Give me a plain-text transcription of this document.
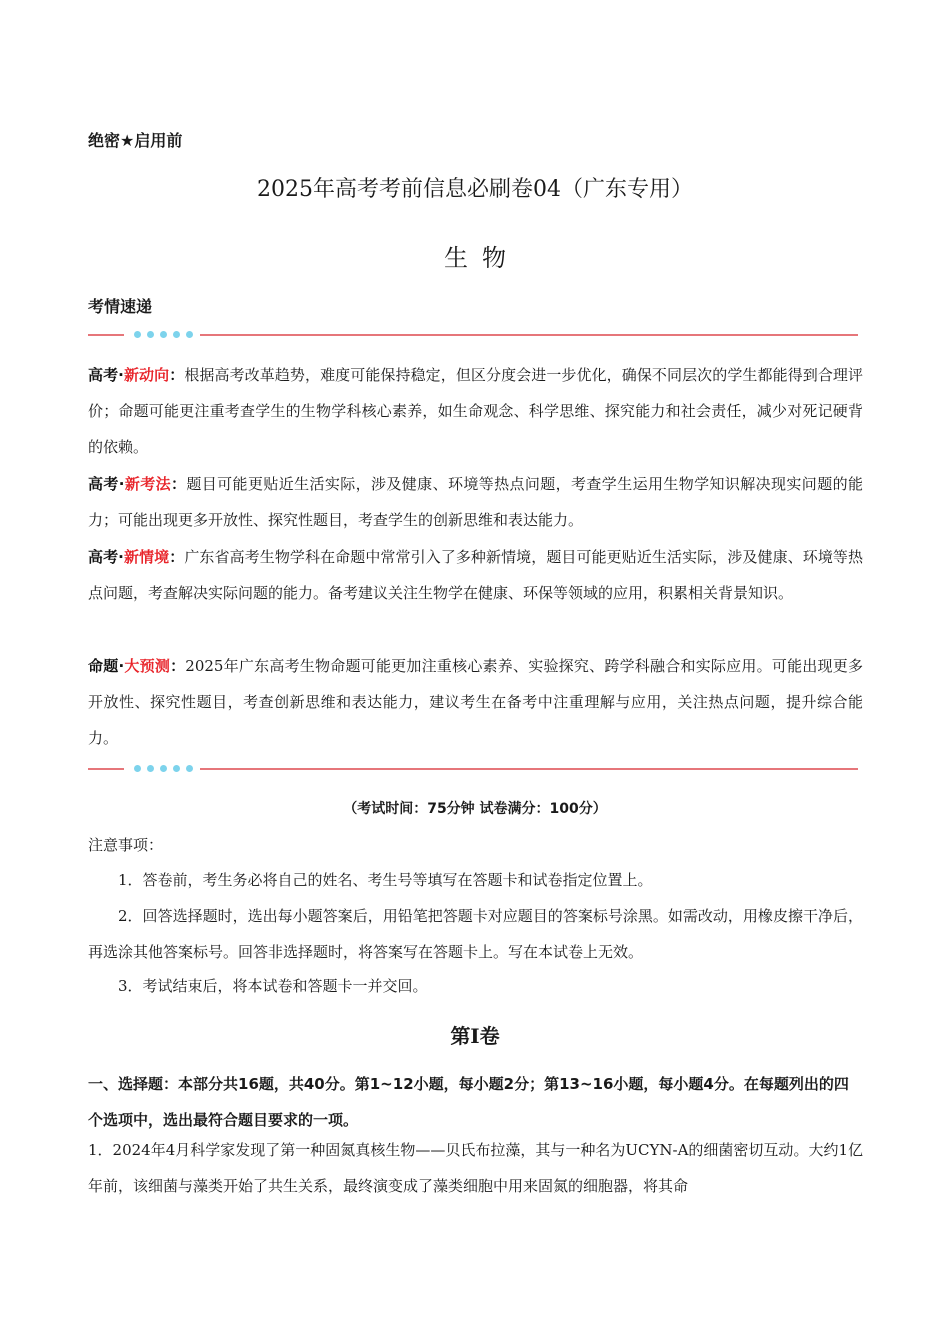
绝密★启用前
2025年高考考前信息必刷卷04（广东专用）
生物
考情速递
高考·新动向：根据高考改革趋势，难度可能保持稳定，但区分度会进一步优化，确保不同层次的学生都能得到合理评价；命题可能更注重考查学生的生物学科核心素养，如生命观念、科学思维、探究能力和社会责任，减少对死记硬背的依赖。
高考·新考法：题目可能更贴近生活实际，涉及健康、环境等热点问题，考查学生运用生物学知识解决现实问题的能力；可能出现更多开放性、探究性题目，考查学生的创新思维和表达能力。
高考·新情境：广东省高考生物学科在命题中常常引入了多种新情境，题目可能更贴近生活实际，涉及健康、环境等热点问题，考查解决实际问题的能力。备考建议关注生物学在健康、环保等领域的应用，积累相关背景知识。
命题·大预测：2025年广东高考生物命题可能更加注重核心素养、实验探究、跨学科融合和实际应用。可能出现更多开放性、探究性题目，考查创新思维和表达能力，建议考生在备考中注重理解与应用，关注热点问题，提升综合能力。
（考试时间：75分钟 试卷满分：100分）
注意事项：
1．答卷前，考生务必将自己的姓名、考生号等填写在答题卡和试卷指定位置上。
2．回答选择题时，选出每小题答案后，用铅笔把答题卡对应题目的答案标号涂黑。如需改动，用橡皮擦干净后，再选涂其他答案标号。回答非选择题时，将答案写在答题卡上。写在本试卷上无效。
3．考试结束后，将本试卷和答题卡一并交回。
第Ⅰ卷
一、选择题：本部分共16题，共40分。第1~12小题，每小题2分；第13~16小题，每小题4分。在每题列出的四个选项中，选出最符合题目要求的一项。
1．2024年4月科学家发现了第一种固氮真核生物——贝氏布拉藻，其与一种名为UCYN-A的细菌密切互动。大约1亿年前，该细菌与藻类开始了共生关系，最终演变成了藻类细胞中用来固氮的细胞器，将其命
